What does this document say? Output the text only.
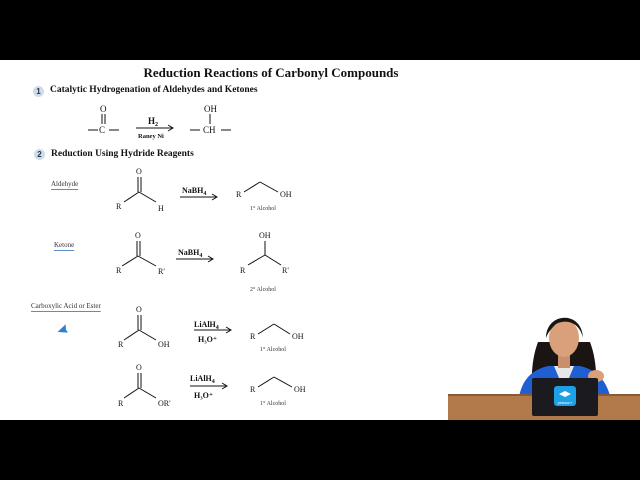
Reduction Reactions of Carbonyl Compounds
1 Catalytic Hydrogenation of Aldehydes and Ketones
O
C
$H_2$
Raney Ni
OH
CH
2 Reduction Using Hydride Reagents
Aldehyde
Ketone
Carboxylic Acid or Ester
O
R	H
NaBH$_4$	R	OH
1° Alcohol
O
R	R'
NaBH$_4$
OH
R	R'
2° Alcohol
O
R	OH
LiAlH$_4$
H₃O⁺	R	OH
1° Alcohol
O
R	OR'
LiAlH$_4$
H₃O⁺
R	OH
1° Alcohol	pearson+
